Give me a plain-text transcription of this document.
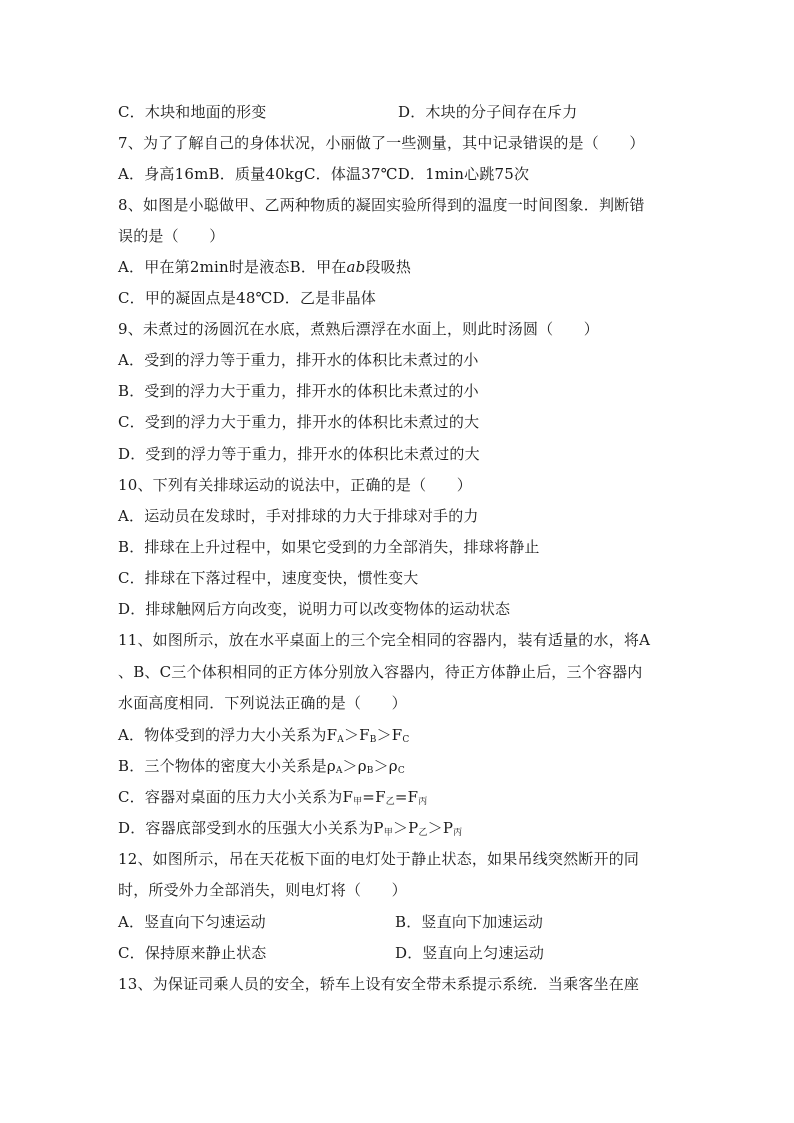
C．木块和地面的形变	D．木块的分子间存在斥力
7、为了了解自己的身体状况，小丽做了一些测量，其中记录错误的是（　　）
A．身高16mB．质量40kgC．体温37℃D．1min心跳75次
8、如图是小聪做甲、乙两种物质的凝固实验所得到的温度一时间图象．判断错
误的是（　　）
A．甲在第2min时是液态B．甲在ab段吸热
C．甲的凝固点是48℃D．乙是非晶体
9、未煮过的汤圆沉在水底，煮熟后漂浮在水面上，则此时汤圆（　　）
A．受到的浮力等于重力，排开水的体积比未煮过的小
B．受到的浮力大于重力，排开水的体积比未煮过的小
C．受到的浮力大于重力，排开水的体积比未煮过的大
D．受到的浮力等于重力，排开水的体积比未煮过的大
10、下列有关排球运动的说法中，正确的是（　　）
A．运动员在发球时，手对排球的力大于排球对手的力
B．排球在上升过程中，如果它受到的力全部消失，排球将静止
C．排球在下落过程中，速度变快，惯性变大
D．排球触网后方向改变，说明力可以改变物体的运动状态
11、如图所示，放在水平桌面上的三个完全相同的容器内，装有适量的水，将A
、B、C三个体积相同的正方体分别放入容器内，待正方体静止后，三个容器内
水面高度相同．下列说法正确的是（　　）
A．物体受到的浮力大小关系为$F_A>F_B>F_C$
B．三个物体的密度大小关系是$\rho_A>\rho_B>\rho_C$
C．容器对桌面的压力大小关系为$F_甲=F_乙=F_丙$
D．容器底部受到水的压强大小关系为$P_甲>P_乙>P_丙$
12、如图所示，吊在天花板下面的电灯处于静止状态，如果吊线突然断开的同
时，所受外力全部消失，则电灯将（　　）
A．竖直向下匀速运动	B．竖直向下加速运动
C．保持原来静止状态	D．竖直向上匀速运动
13、为保证司乘人员的安全，轿车上设有安全带未系提示系统．当乘客坐在座
